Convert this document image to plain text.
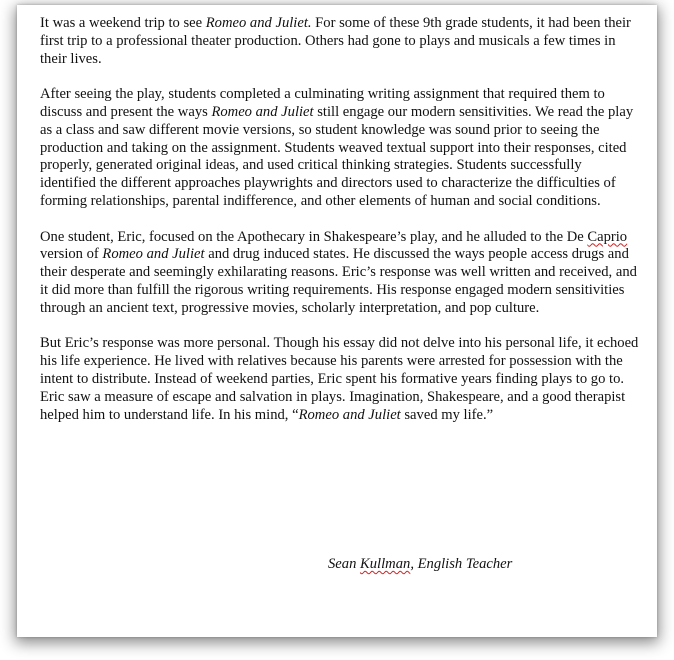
It was a weekend trip to see Romeo and Juliet. For some of these 9th grade students, it had been their first trip to a professional theater production. Others had gone to plays and musicals a few times in their lives.

After seeing the play, students completed a culminating writing assignment that required them to discuss and present the ways Romeo and Juliet still engage our modern sensitivities. We read the play as a class and saw different movie versions, so student knowledge was sound prior to seeing the production and taking on the assignment. Students weaved textual support into their responses, cited properly, generated original ideas, and used critical thinking strategies. Students successfully identified the different approaches playwrights and directors used to characterize the difficulties of forming relationships, parental indifference, and other elements of human and social conditions.

One student, Eric, focused on the Apothecary in Shakespeare’s play, and he alluded to the De Caprio version of Romeo and Juliet and drug induced states. He discussed the ways people access drugs and their desperate and seemingly exhilarating reasons. Eric’s response was well written and received, and it did more than fulfill the rigorous writing requirements. His response engaged modern sensitivities through an ancient text, progressive movies, scholarly interpretation, and pop culture.

But Eric’s response was more personal. Though his essay did not delve into his personal life, it echoed his life experience. He lived with relatives because his parents were arrested for possession with the intent to distribute. Instead of weekend parties, Eric spent his formative years finding plays to go to. Eric saw a measure of escape and salvation in plays. Imagination, Shakespeare, and a good therapist helped him to understand life. In his mind, “Romeo and Juliet saved my life.”

Sean Kullman, English Teacher
